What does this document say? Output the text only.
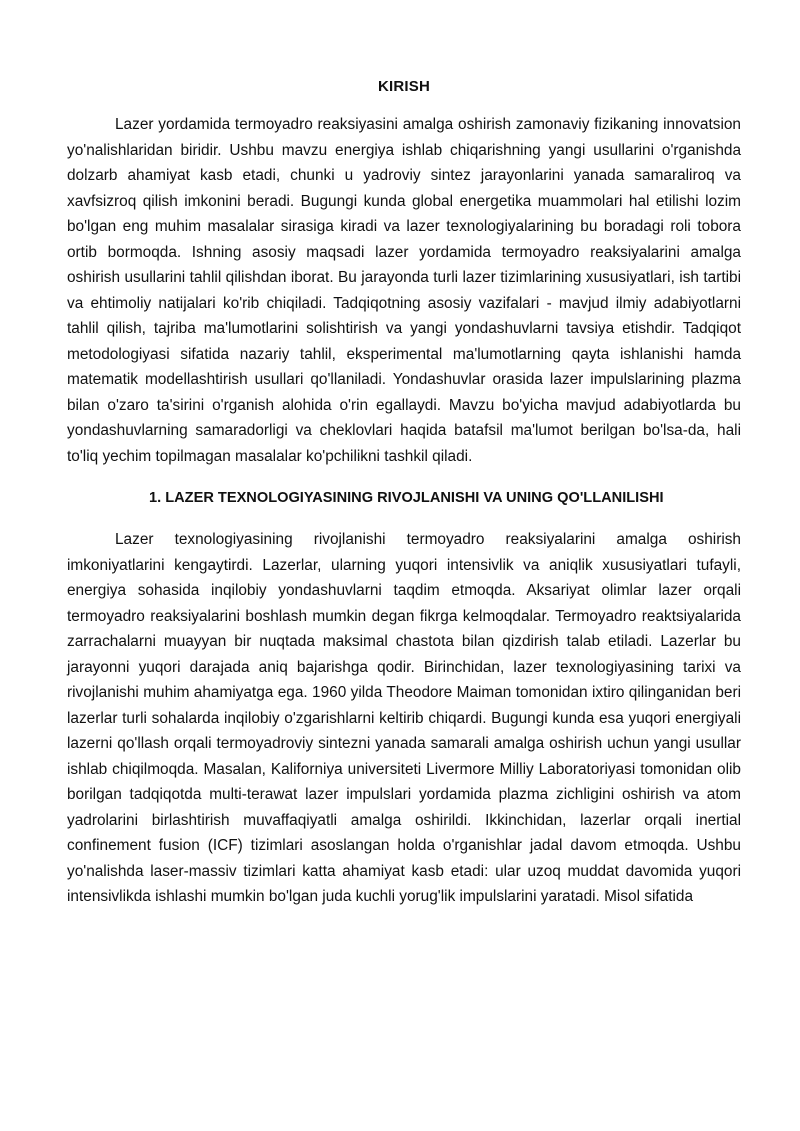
KIRISH

Lazer yordamida termoyadro reaksiyasini amalga oshirish zamonaviy fizikaning innovatsion yo'nalishlaridan biridir. Ushbu mavzu energiya ishlab chiqarishning yangi usullarini o'rganishda dolzarb ahamiyat kasb etadi, chunki u yadroviy sintez jarayonlarini yanada samaraliroq va xavfsizroq qilish imkonini beradi. Bugungi kunda global energetika muammolari hal etilishi lozim bo'lgan eng muhim masalalar sirasiga kiradi va lazer texnologiyalarining bu boradagi roli tobora ortib bormoqda. Ishning asosiy maqsadi lazer yordamida termoyadro reaksiyalarini amalga oshirish usullarini tahlil qilishdan iborat. Bu jarayonda turli lazer tizimlarining xususiyatlari, ish tartibi va ehtimoliy natijalari ko'rib chiqiladi. Tadqiqotning asosiy vazifalari - mavjud ilmiy adabiyotlarni tahlil qilish, tajriba ma'lumotlarini solishtirish va yangi yondashuvlarni tavsiya etishdir. Tadqiqot metodologiyasi sifatida nazariy tahlil, eksperimental ma'lumotlarning qayta ishlanishi hamda matematik modellashtirish usullari qo'llaniladi. Yondashuvlar orasida lazer impulslarining plazma bilan o'zaro ta'sirini o'rganish alohida o'rin egallaydi. Mavzu bo'yicha mavjud adabiyotlarda bu yondashuvlarning samaradorligi va cheklovlari haqida batafsil ma'lumot berilgan bo'lsa-da, hali to'liq yechim topilmagan masalalar ko'pchilikni tashkil qiladi.

1. LAZER TEXNOLOGIYASINING RIVOJLANISHI VA UNING QO'LLANILISHI

Lazer texnologiyasining rivojlanishi termoyadro reaksiyalarini amalga oshirish imkoniyatlarini kengaytirdi. Lazerlar, ularning yuqori intensivlik va aniqlik xususiyatlari tufayli, energiya sohasida inqilobiy yondashuvlarni taqdim etmoqda. Aksariyat olimlar lazer orqali termoyadro reaksiyalarini boshlash mumkin degan fikrga kelmoqdalar. Termoyadro reaktsiyalarida zarrachalarni muayyan bir nuqtada maksimal chastota bilan qizdirish talab etiladi. Lazerlar bu jarayonni yuqori darajada aniq bajarishga qodir. Birinchidan, lazer texnologiyasining tarixi va rivojlanishi muhim ahamiyatga ega. 1960 yilda Theodore Maiman tomonidan ixtiro qilinganidan beri lazerlar turli sohalarda inqilobiy o'zgarishlarni keltirib chiqardi. Bugungi kunda esa yuqori energiyali lazerni qo'llash orqali termoyadroviy sintezni yanada samarali amalga oshirish uchun yangi usullar ishlab chiqilmoqda. Masalan, Kaliforniya universiteti Livermore Milliy Laboratoriyasi tomonidan olib borilgan tadqiqotda multi-terawat lazer impulslari yordamida plazma zichligini oshirish va atom yadrolarini birlashtirish muvaffaqiyatli amalga oshirildi. Ikkinchidan, lazerlar orqali inertial confinement fusion (ICF) tizimlari asoslangan holda o'rganishlar jadal davom etmoqda. Ushbu yo'nalishda laser-massiv tizimlari katta ahamiyat kasb etadi: ular uzoq muddat davomida yuqori intensivlikda ishlashi mumkin bo'lgan juda kuchli yorug'lik impulslarini yaratadi. Misol sifatida
